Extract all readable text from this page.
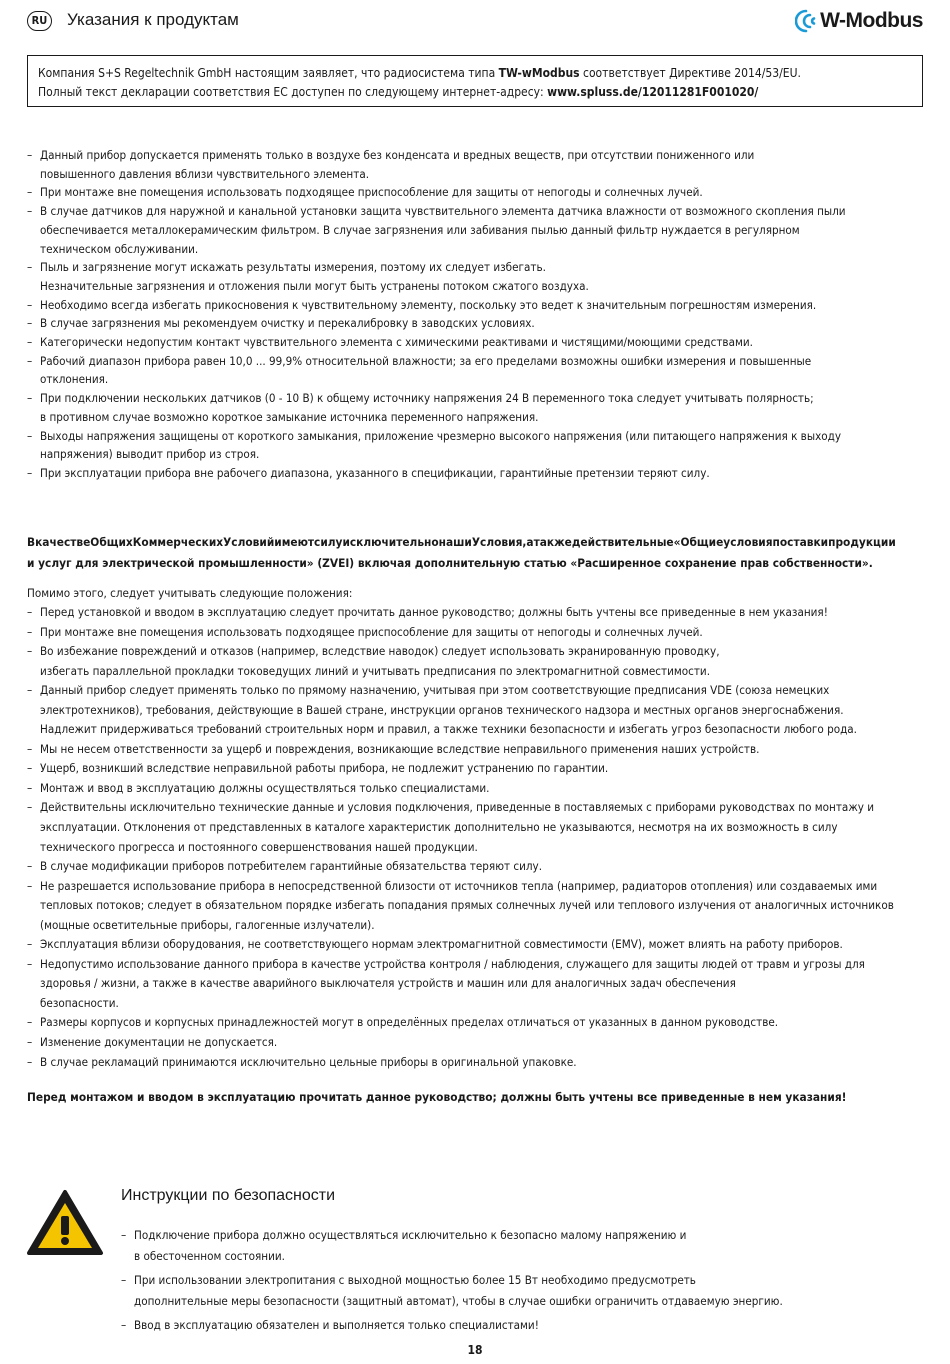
RU Указания к продуктам	W-Modbus
Компания S+S Regeltechnik GmbH настоящим заявляет, что радиосистема типа TW-wModbus соответствует Директиве 2014/53/EU.
Полный текст декларации соответствия ЕС доступен по следующему интернет-адресу: www.spluss.de/12011281F001020/
– Данный прибор допускается применять только в воздухе без конденсата и вредных веществ, при отсутствии пониженного или
повышенного давления вблизи чувствительного элемента.
– При монтаже вне помещения использовать подходящее приспособление для защиты от непогоды и солнечных лучей.
– В случае датчиков для наружной и канальной установки защита чувствительного элемента датчика влажности от возможного скопления пыли
обеспечивается металлокерамическим фильтром. В случае загрязнения или забивания пылью данный фильтр нуждается в регулярном
техническом обслуживании.
– Пыль и загрязнение могут искажать результаты измерения, поэтому их следует избегать.
Незначительные загрязнения и отложения пыли могут быть устранены потоком сжатого воздуха.
– Необходимо всегда избегать прикосновения к чувствительному элементу, поскольку это ведет к значительным погрешностям измерения.
– В случае загрязнения мы рекомендуем очистку и перекалибровку в заводских условиях.
– Категорически недопустим контакт чувствительного элемента с химическими реактивами и чистящими/моющими средствами.
– Рабочий диапазон прибора равен 10,0 ... 99,9% относительной влажности; за его пределами возможны ошибки измерения и повышенные
отклонения.
– При подключении нескольких датчиков (0 - 10 В) к общему источнику напряжения 24 В переменного тока следует учитывать полярность;
в противном случае возможно короткое замыкание источника переменного напряжения.
– Выходы напряжения защищены от короткого замыкания, приложение чрезмерно высокого напряжения (или питающего напряжения к выходу
напряжения) выводит прибор из строя.
– При эксплуатации прибора вне рабочего диапазона, указанного в спецификации, гарантийные претензии теряют силу.
ВкачествеОбщихКоммерческихУсловийимеютсилуисключительнонашиУсловия,атакжедействительные«Общиеусловияпоставкипродукции
и услуг для электрической промышленности» (ZVEI) включая дополнительную статью «Расширенное сохранение прав собственности».
Помимо этого, следует учитывать следующие положения:
– Перед установкой и вводом в эксплуатацию следует прочитать данное руководство; должны быть учтены все приведенные в нем указания!
– При монтаже вне помещения использовать подходящее приспособление для защиты от непогоды и солнечных лучей.
– Во избежание повреждений и отказов (например, вследствие наводок) следует использовать экранированную проводку,
избегать параллельной прокладки токоведущих линий и учитывать предписания по электромагнитной совместимости.
– Данный прибор следует применять только по прямому назначению, учитывая при этом соответствующие предписания VDE (союза немецких
электротехников), требования, действующие в Вашей стране, инструкции органов технического надзора и местных органов энергоснабжения.
Надлежит придерживаться требований строительных норм и правил, а также техники безопасности и избегать угроз безопасности любого рода.
– Мы не несем ответственности за ущерб и повреждения, возникающие вследствие неправильного применения наших устройств.
– Ущерб, возникший вследствие неправильной работы прибора, не подлежит устранению по гарантии.
– Монтаж и ввод в эксплуатацию должны осуществляться только специалистами.
– Действительны исключительно технические данные и условия подключения, приведенные в поставляемых с приборами руководствах по монтажу и
эксплуатации. Отклонения от представленных в каталоге характеристик дополнительно не указываются, несмотря на их возможность в силу
технического прогресса и постоянного совершенствования нашей продукции.
– В случае модификации приборов потребителем гарантийные обязательства теряют силу.
– Не разрешается использование прибора в непосредственной близости от источников тепла (например, радиаторов отопления) или создаваемых ими
тепловых потоков; следует в обязательном порядке избегать попадания прямых солнечных лучей или теплового излучения от аналогичных источников
(мощные осветительные приборы, галогенные излучатели).
– Эксплуатация вблизи оборудования, не соответствующего нормам электромагнитной совместимости (EMV), может влиять на работу приборов.
– Недопустимо использование данного прибора в качестве устройства контроля / наблюдения, служащего для защиты людей от травм и угрозы для
здоровья / жизни, а также в качестве аварийного выключателя устройств и машин или для аналогичных задач обеспечения
безопасности.
– Размеры корпусов и корпусных принадлежностей могут в определённых пределах отличаться от указанных в данном руководстве.
– Изменение документации не допускается.
– В случае рекламаций принимаются исключительно цельные приборы в оригинальной упаковке.
Перед монтажом и вводом в эксплуатацию прочитать данное руководство; должны быть учтены все приведенные в нем указания!
Инструкции по безопасности
– Подключение прибора должно осуществляться исключительно к безопасно малому напряжению и
в обесточенном состоянии.
– При использовании электропитания с выходной мощностью более 15 Вт необходимо предусмотреть
дополнительные меры безопасности (защитный автомат), чтобы в случае ошибки ограничить отдаваемую энергию.
– Ввод в эксплуатацию обязателен и выполняется только специалистами!
18
